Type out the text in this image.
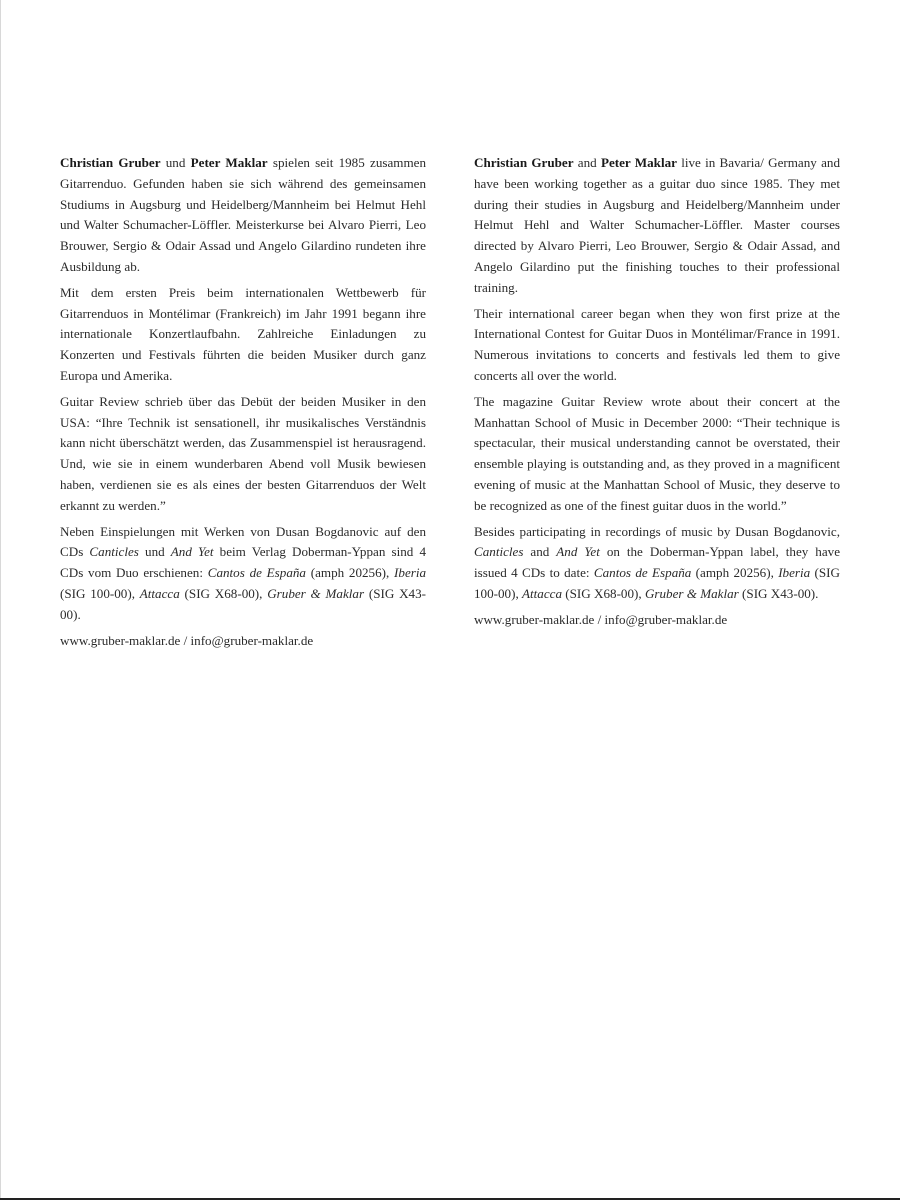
Christian Gruber und Peter Maklar spielen seit 1985 zusammen Gitarrenduo. Gefunden haben sie sich während des gemeinsamen Studiums in Augsburg und Heidelberg/Mannheim bei Helmut Hehl und Walter Schumacher-Löffler. Meisterkurse bei Alvaro Pierri, Leo Brouwer, Sergio & Odair Assad und Angelo Gilardino rundeten ihre Ausbildung ab.

Mit dem ersten Preis beim internationalen Wettbewerb für Gitarrenduos in Montélimar (Frankreich) im Jahr 1991 begann ihre internationale Konzertlaufbahn. Zahlreiche Einladungen zu Konzerten und Festivals führten die beiden Musiker durch ganz Europa und Amerika.

Guitar Review schrieb über das Debüt der beiden Musiker in den USA: “Ihre Technik ist sensationell, ihr musikalisches Verständnis kann nicht überschätzt werden, das Zusammenspiel ist herausragend. Und, wie sie in einem wunderbaren Abend voll Musik bewiesen haben, verdienen sie es als eines der besten Gitarrenduos der Welt erkannt zu werden.”

Neben Einspielungen mit Werken von Dusan Bogdanovic auf den CDs Canticles und And Yet beim Verlag Doberman-Yppan sind 4 CDs vom Duo erschienen: Cantos de España (amph 20256), Iberia (SIG 100-00), Attacca (SIG X68-00), Gruber & Maklar (SIG X43-00).

www.gruber-maklar.de / info@gruber-maklar.de

Christian Gruber and Peter Maklar live in Bavaria/ Germany and have been working together as a guitar duo since 1985. They met during their studies in Augsburg and Heidelberg/Mannheim under Helmut Hehl and Walter Schumacher-Löffler. Master courses directed by Alvaro Pierri, Leo Brouwer, Sergio & Odair Assad, and Angelo Gilardino put the finishing touches to their professional training.

Their international career began when they won first prize at the International Contest for Guitar Duos in Montélimar/France in 1991. Numerous invitations to concerts and festivals led them to give concerts all over the world.

The magazine Guitar Review wrote about their concert at the Manhattan School of Music in December 2000: “Their technique is spectacular, their musical understanding cannot be overstated, their ensemble playing is outstanding and, as they proved in a magnificent evening of music at the Manhattan School of Music, they deserve to be recognized as one of the finest guitar duos in the world.”

Besides participating in recordings of music by Dusan Bogdanovic, Canticles and And Yet on the Doberman-Yppan label, they have issued 4 CDs to date: Cantos de España (amph 20256), Iberia (SIG 100-00), Attacca (SIG X68-00), Gruber & Maklar (SIG X43-00).

www.gruber-maklar.de / info@gruber-maklar.de
